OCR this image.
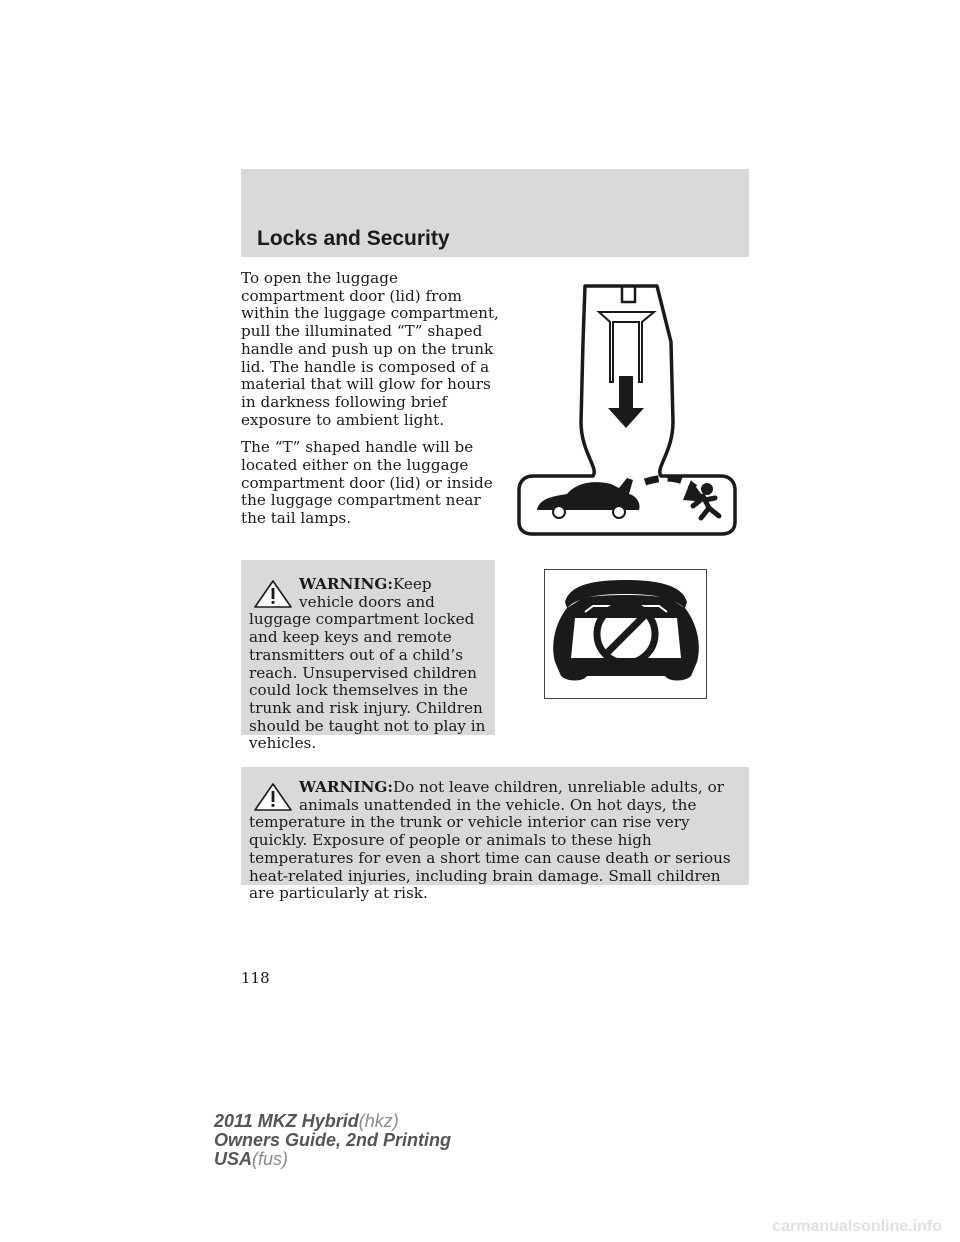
Locks and Security

To open the luggage compartment door (lid) from within the luggage compartment, pull the illuminated “T” shaped handle and push up on the trunk lid. The handle is composed of a material that will glow for hours in darkness following brief exposure to ambient light.

The “T” shaped handle will be located either on the luggage compartment door (lid) or inside the luggage compartment near the tail lamps.

WARNING:Keep vehicle doors and luggage compartment locked and keep keys and remote transmitters out of a child’s reach. Unsupervised children could lock themselves in the trunk and risk injury. Children should be taught not to play in vehicles.

WARNING:Do not leave children, unreliable adults, or animals unattended in the vehicle. On hot days, the temperature in the trunk or vehicle interior can rise very quickly. Exposure of people or animals to these high temperatures for even a short time can cause death or serious heat-related injuries, including brain damage. Small children are particularly at risk.

118
2011 MKZ Hybrid(hkz)
Owners Guide, 2nd Printing
USA(fus)
carmanualsonline.info
